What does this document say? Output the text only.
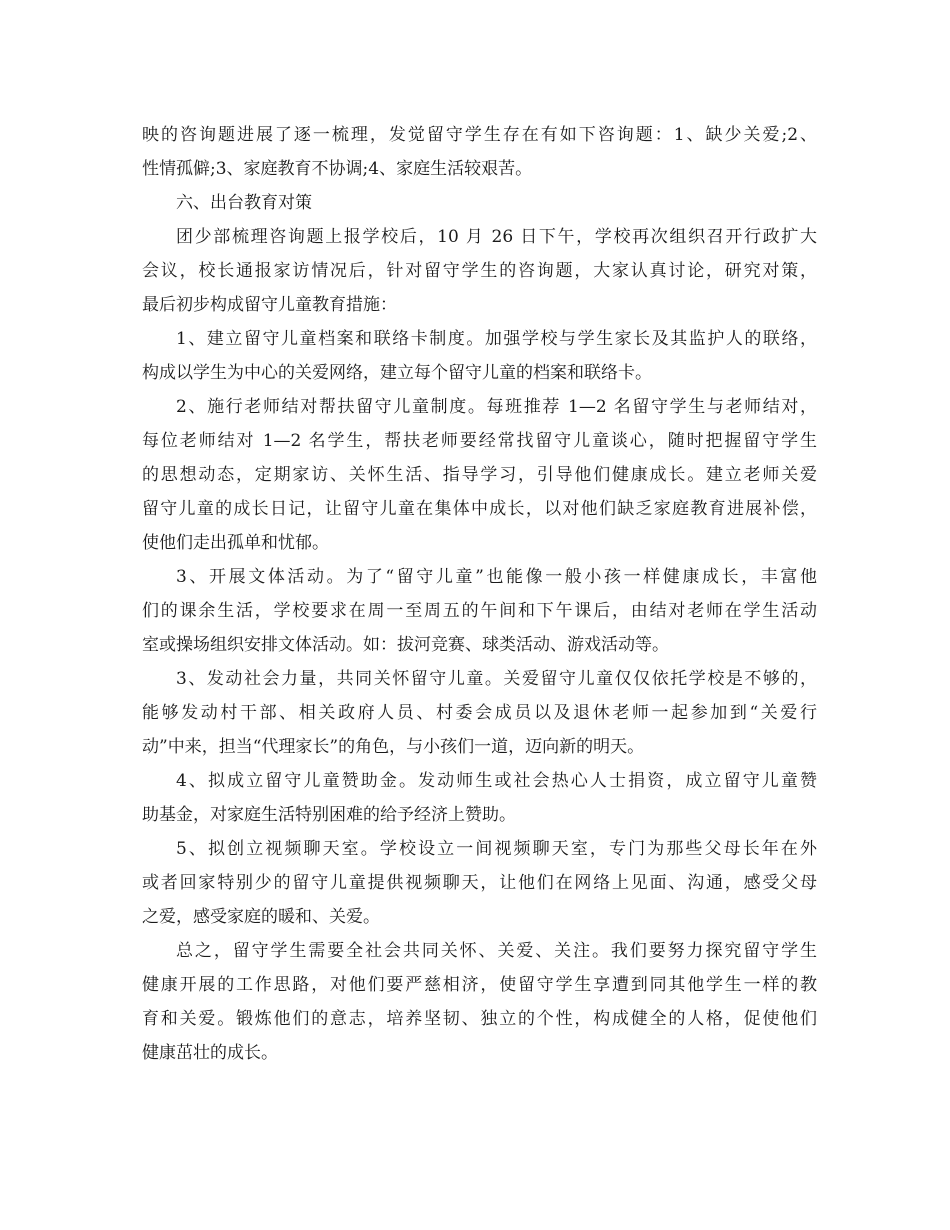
映的咨询题进展了逐一梳理，发觉留守学生存在有如下咨询题：1、缺少关爱;2、
性情孤僻;3、家庭教育不协调;4、家庭生活较艰苦。
六、出台教育对策
团少部梳理咨询题上报学校后，10 月 26 日下午，学校再次组织召开行政扩大
会议，校长通报家访情况后，针对留守学生的咨询题，大家认真讨论，研究对策，
最后初步构成留守儿童教育措施：
1、建立留守儿童档案和联络卡制度。加强学校与学生家长及其监护人的联络，
构成以学生为中心的关爱网络，建立每个留守儿童的档案和联络卡。
2、施行老师结对帮扶留守儿童制度。每班推荐 1—2 名留守学生与老师结对，
每位老师结对 1—2 名学生，帮扶老师要经常找留守儿童谈心，随时把握留守学生
的思想动态，定期家访、关怀生活、指导学习，引导他们健康成长。建立老师关爱
留守儿童的成长日记，让留守儿童在集体中成长，以对他们缺乏家庭教育进展补偿，
使他们走出孤单和忧郁。
3、开展文体活动。为了“留守儿童”也能像一般小孩一样健康成长，丰富他
们的课余生活，学校要求在周一至周五的午间和下午课后，由结对老师在学生活动
室或操场组织安排文体活动。如：拔河竞赛、球类活动、游戏活动等。
3、发动社会力量，共同关怀留守儿童。关爱留守儿童仅仅依托学校是不够的，
能够发动村干部、相关政府人员、村委会成员以及退休老师一起参加到“关爱行
动”中来，担当“代理家长”的角色，与小孩们一道，迈向新的明天。
4、拟成立留守儿童赞助金。发动师生或社会热心人士捐资，成立留守儿童赞
助基金，对家庭生活特别困难的给予经济上赞助。
5、拟创立视频聊天室。学校设立一间视频聊天室，专门为那些父母长年在外
或者回家特别少的留守儿童提供视频聊天，让他们在网络上见面、沟通，感受父母
之爱，感受家庭的暖和、关爱。
总之，留守学生需要全社会共同关怀、关爱、关注。我们要努力探究留守学生
健康开展的工作思路，对他们要严慈相济，使留守学生享遭到同其他学生一样的教
育和关爱。锻炼他们的意志，培养坚韧、独立的个性，构成健全的人格，促使他们
健康茁壮的成长。
